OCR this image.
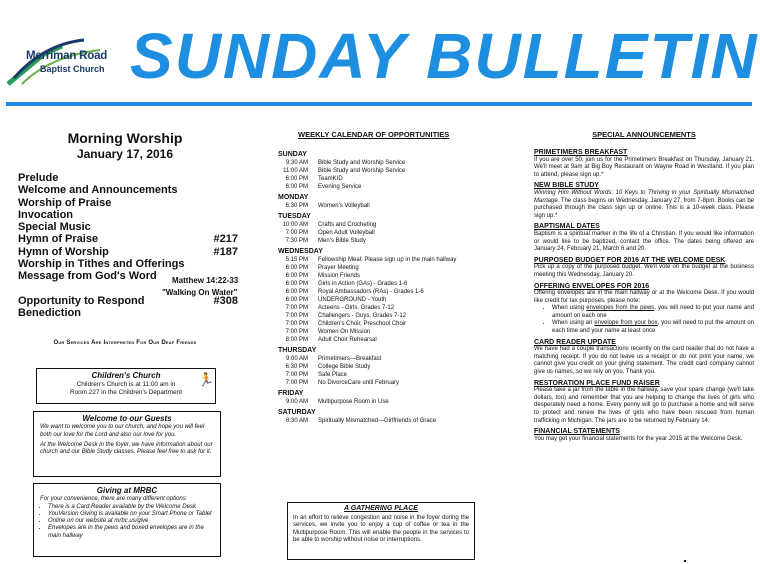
Merriman Road
Baptist Church SUNDAY BULLETIN
Morning Worship
January 17, 2016
Prelude
Welcome and Announcements
Worship of Praise
Invocation
Special Music
Hymn of Praise	#217
Hymn of Worship	#187
Worship in Tithes and Offerings
Message from God's Word
Opportunity to Respond	#308
Benediction
Matthew 14:22-33
"Walking On Water"
Our Services Are Interpreted For Our Deaf Friends
Children's Church
Children's Church is at 11:00 am in
Room 227 in the Children's Department
🏃
Welcome to our Guests

We want to welcome you to our church, and hope you will feel both our love for the Lord and also our love for you.

At the Welcome Desk in the foyer, we have information about our church and our Bible Study classes. Please feel free to ask for it.

Giving at MRBC
For your convenience, there are many different options:
• There is a Card Reader available by the Welcome Desk
• YouVersion Giving is available on your Smart Phone or Tablet
• Online on our website at mrbc.us/give
• Envelopes are in the pews and boxed envelopes are in the main hallway
WEEKLY CALENDAR OF OPPORTUNITIES
SUNDAY
9:30 AM Bible Study and Worship Service
11:00 AM Bible Study and Worship Service
6:00 PM TeamKID
6:00 PM Evening Service
MONDAY
6:30 PM Women's Volleyball
TUESDAY
10:00 AM Crafts and Crocheting
7:00 PM Open Adult Volleyball
7:30 PM Men's Bible Study
WEDNESDAY
5:15 PM Fellowship Meal: Please sign up in the main hallway
6:00 PM Prayer Meeting
6:00 PM Mission Friends
6:00 PM Girls in Action (GAs) - Grades 1-6
6:00 PM Royal Ambassadors (RAs) - Grades 1-6
6:00 PM UNDERGROUND - Youth
7:00 PM Acteens - Girls, Grades 7-12
7:00 PM Challengers - Guys, Grades 7-12
7:00 PM Children's Choir, Preschool Choir
7:00 PM Women On Mission
8:00 PM Adult Choir Rehearsal
THURSDAY
9:00 AM Primetimers—Breakfast
6:30 PM College Bible Study
7:00 PM Safe Place
7:00 PM No DivorceCare until February
FRIDAY
9:00 AM Multipurpose Room in Use
SATURDAY
8:30 AM Spiritually Mismatched—Girlfriends of Grace
A GATHERING PLACE
In an effort to relieve congestion and noise in the foyer during the services, we invite you to enjoy a cup of coffee or tea in the Multipurpose Room. This will enable the people in the services to be able to worship without noise or interruptions.
SPECIAL ANNOUNCEMENTS
PRIMETIMERS BREAKFAST

If you are over 50, join us for the Primetimers Breakfast on Thursday, January 21. We'll meet at 9am at Big Boy Restaurant on Wayne Road in Westland. If you plan to attend, please sign up.*

NEW BIBLE STUDY

Winning Him Without Words: 10 Keys to Thriving in your Spiritually Mismatched Marriage. The class begins on Wednesday, January 27, from 7-8pm. Books can be purchased through the class sign up or online. This is a 10-week class. Please sign up.*

BAPTISMAL DATES

Baptism is a spiritual marker in the life of a Christian. If you would like information or would like to be baptized, contact the office. The dates being offered are January 24, February 21, March 6 and 20.

PURPOSED BUDGET FOR 2016 AT THE WELCOME DESK

Pick up a copy of the purposed budget. We'll vote on the budget at the business meeting this Wednesday, January 20.

OFFERING ENVELOPES FOR 2016

Offering envelopes are in the main hallway or at the Welcome Desk. If you would like credit for tax purposes, please note:

• When using envelopes from the pews, you will need to put your name and amount on each one
• When using an envelope from your box, you will need to put the amount on each time and your name at least once
CARD READER UPDATE

We have had a couple transactions recently on the card reader that do not have a matching receipt. If you do not leave us a receipt or do not print your name, we cannot give you credit on your giving statement. The credit card company cannot give us names, so we rely on you. Thank you.

RESTORATION PLACE FUND RAISER

Please take a jar from the table in the hallway, save your spare change (we'll take dollars, too) and remember that you are helping to change the lives of girls who desperately need a home. Every penny will go to purchase a home and will serve to protect and renew the lives of girls who have been rescued from human trafficking in Michigan. The jars are to be returned by February 14.

FINANCIAL STATEMENTS

You may get your financial statements for the year 2015 at the Welcome Desk.
